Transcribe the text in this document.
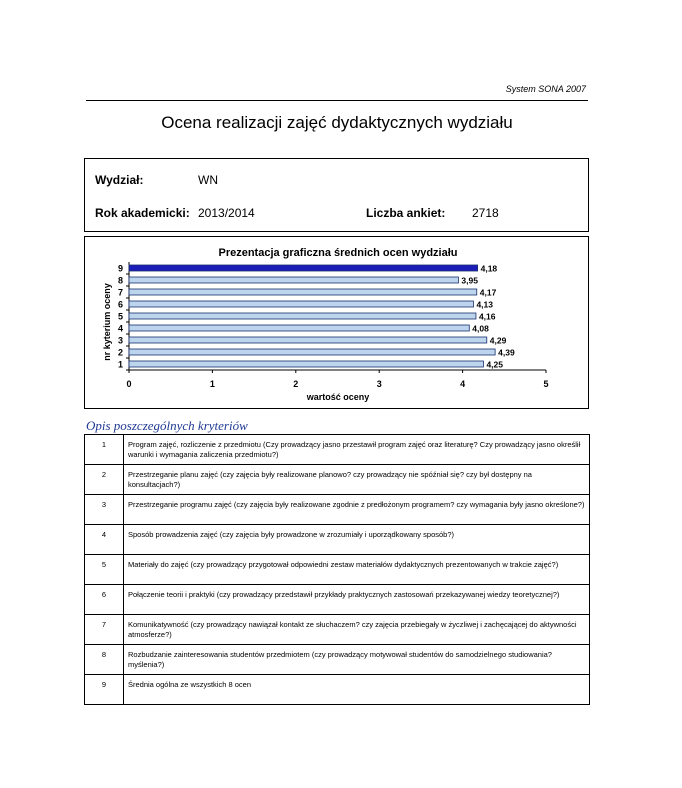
System SONA 2007
Ocena realizacji zajęć dydaktycznych wydziału
Wydział:	WN
Rok akademicki: 2013/2014	Liczba ankiet: 2718
Prezentacja graficzna średnich ocen wydziału
nr kyterium oceny
wartość oceny
0	1	2	3	4	5
1	4,25
2	4,39
3	4,29
4	4,08
5	4,16
6	4,13
7	4,17
8	3,95
9	4,18
Opis poszczególnych kryteriów
1	Program zajęć, rozliczenie z przedmiotu (Czy prowadzący jasno przestawił program zajęć oraz literaturę? Czy prowadzący jasno określił warunki i wymagania zaliczenia przedmiotu?)
2	Przestrzeganie planu zajęć (czy zajęcia były realizowane planowo? czy prowadzący nie spóźniał się? czy był dostępny na konsultacjach?)
3	Przestrzeganie programu zajęć (czy zajęcia były realizowane zgodnie z predłożonym programem? czy wymagania były jasno określone?)
4	Sposób prowadzenia zajęć (czy zajęcia były prowadzone w zrozumiały i uporządkowany sposób?)
5	Materiały do zajęć (czy prowadzący przygotował odpowiedni zestaw materiałów dydaktycznych prezentowanych w trakcie zajęć?)
6	Połączenie teorii i praktyki (czy prowadzący przedstawił przykłady praktycznych zastosowań przekazywanej wiedzy teoretycznej?)
7	Komunikatywność (czy prowadzący nawiązał kontakt ze słuchaczem? czy zajęcia przebiegały w życzliwej i zachęcającej do aktywności atmosferze?)
8	Rozbudzanie zainteresowania studentów przedmiotem (czy prowadzący motywował studentów do samodzielnego studiowania? myślenia?)
9	Średnia ogólna ze wszystkich 8 ocen
